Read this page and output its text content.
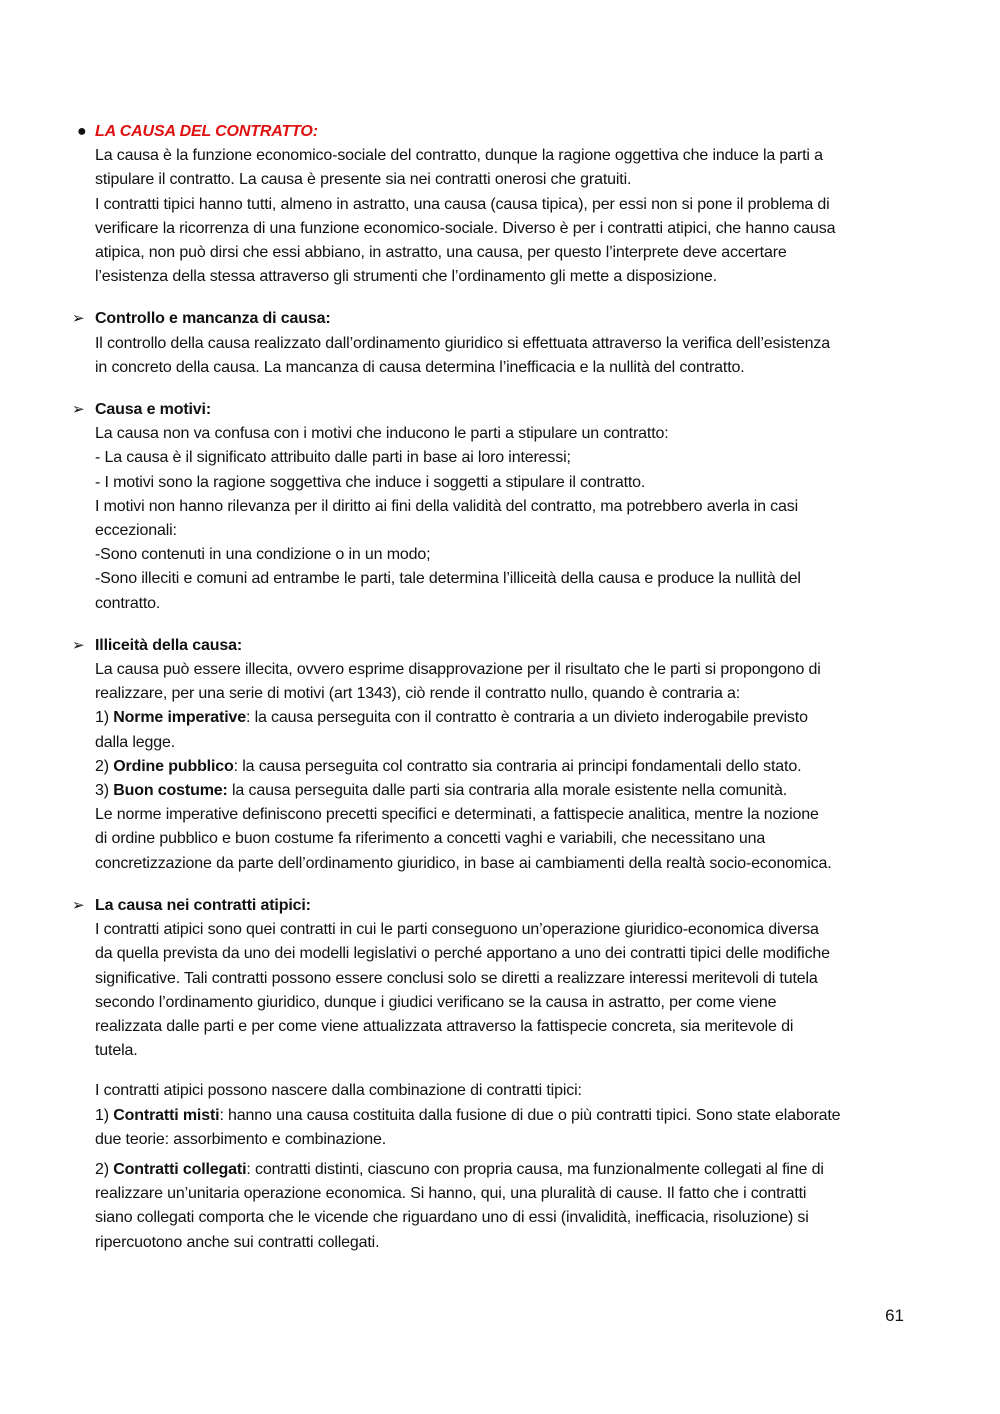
● LA CAUSA DEL CONTRATTO:

La causa è la funzione economico-sociale del contratto, dunque la ragione oggettiva che induce la parti a

stipulare il contratto. La causa è presente sia nei contratti onerosi che gratuiti.

I contratti tipici hanno tutti, almeno in astratto, una causa (causa tipica), per essi non si pone il problema di

verificare la ricorrenza di una funzione economico-sociale. Diverso è per i contratti atipici, che hanno causa

atipica, non può dirsi che essi abbiano, in astratto, una causa, per questo l’interprete deve accertare

l’esistenza della stessa attraverso gli strumenti che l’ordinamento gli mette a disposizione.

➢ Controllo e mancanza di causa:

Il controllo della causa realizzato dall’ordinamento giuridico si effettuata attraverso la verifica dell’esistenza

in concreto della causa. La mancanza di causa determina l’inefficacia e la nullità del contratto.

➢ Causa e motivi:

La causa non va confusa con i motivi che inducono le parti a stipulare un contratto:

- La causa è il significato attribuito dalle parti in base ai loro interessi;

- I motivi sono la ragione soggettiva che induce i soggetti a stipulare il contratto.

I motivi non hanno rilevanza per il diritto ai fini della validità del contratto, ma potrebbero averla in casi

eccezionali:

-Sono contenuti in una condizione o in un modo;

-Sono illeciti e comuni ad entrambe le parti, tale determina l’illiceità della causa e produce la nullità del

contratto.

➢ Illiceità della causa:

La causa può essere illecita, ovvero esprime disapprovazione per il risultato che le parti si propongono di

realizzare, per una serie di motivi (art 1343), ciò rende il contratto nullo, quando è contraria a:

1) Norme imperative: la causa perseguita con il contratto è contraria a un divieto inderogabile previsto

dalla legge.

2) Ordine pubblico: la causa perseguita col contratto sia contraria ai principi fondamentali dello stato.

3) Buon costume: la causa perseguita dalle parti sia contraria alla morale esistente nella comunità.

Le norme imperative definiscono precetti specifici e determinati, a fattispecie analitica, mentre la nozione

di ordine pubblico e buon costume fa riferimento a concetti vaghi e variabili, che necessitano una

concretizzazione da parte dell’ordinamento giuridico, in base ai cambiamenti della realtà socio-economica.

➢ La causa nei contratti atipici:

I contratti atipici sono quei contratti in cui le parti conseguono un’operazione giuridico-economica diversa

da quella prevista da uno dei modelli legislativi o perché apportano a uno dei contratti tipici delle modifiche

significative. Tali contratti possono essere conclusi solo se diretti a realizzare interessi meritevoli di tutela

secondo l’ordinamento giuridico, dunque i giudici verificano se la causa in astratto, per come viene

realizzata dalle parti e per come viene attualizzata attraverso la fattispecie concreta, sia meritevole di

tutela.

I contratti atipici possono nascere dalla combinazione di contratti tipici:

1) Contratti misti: hanno una causa costituita dalla fusione di due o più contratti tipici. Sono state elaborate

due teorie: assorbimento e combinazione.

2) Contratti collegati: contratti distinti, ciascuno con propria causa, ma funzionalmente collegati al fine di

realizzare un’unitaria operazione economica. Si hanno, qui, una pluralità di cause. Il fatto che i contratti

siano collegati comporta che le vicende che riguardano uno di essi (invalidità, inefficacia, risoluzione) si

ripercuotono anche sui contratti collegati.

61
